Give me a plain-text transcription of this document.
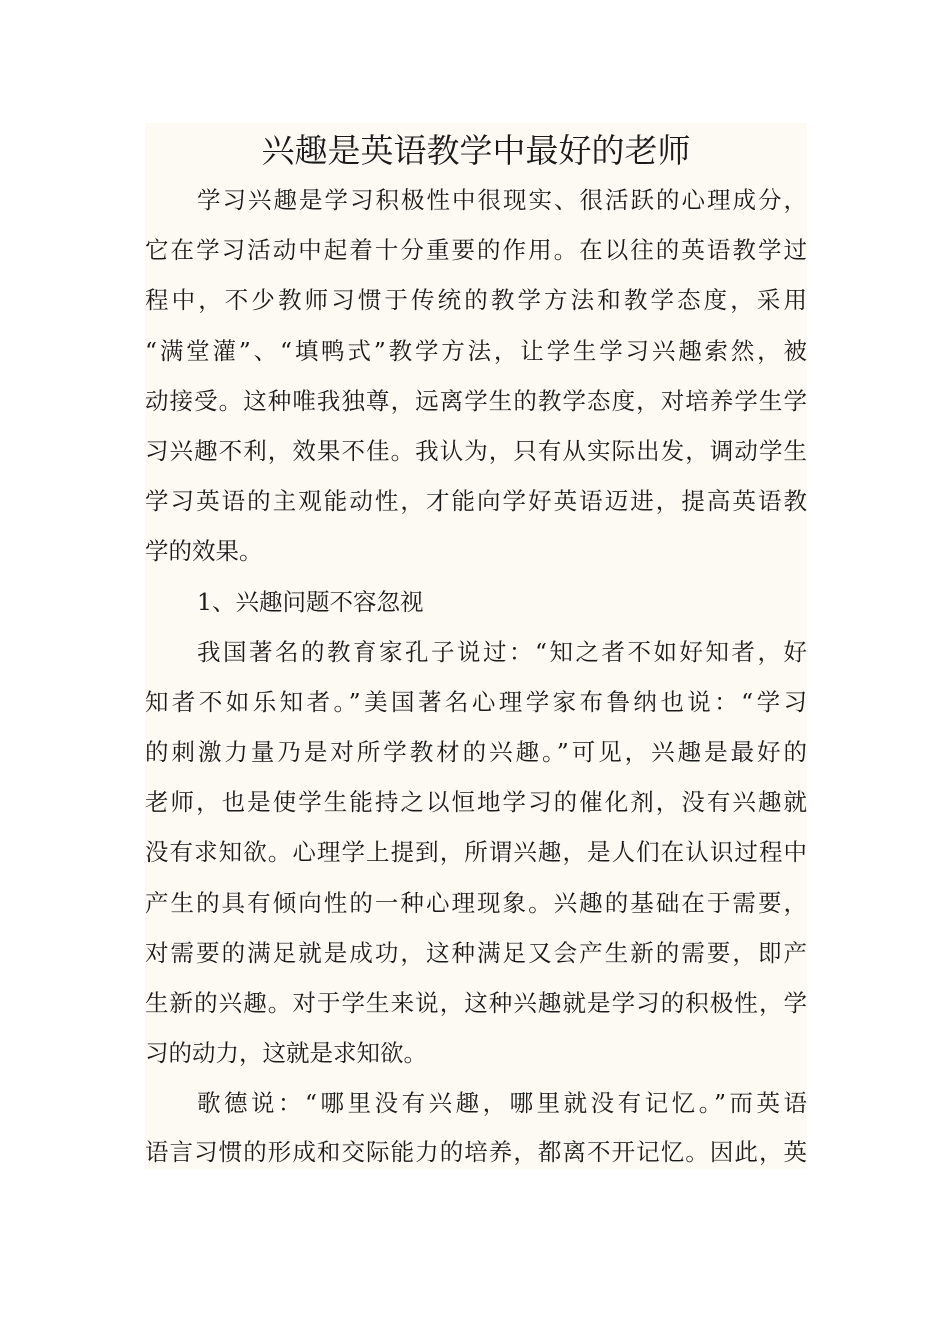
兴趣是英语教学中最好的老师

学习兴趣是学习积极性中很现实、很活跃的心理成分，

它在学习活动中起着十分重要的作用。在以往的英语教学过

程中，不少教师习惯于传统的教学方法和教学态度，采用

“满堂灌”、“填鸭式”教学方法，让学生学习兴趣索然，被

动接受。这种唯我独尊，远离学生的教学态度，对培养学生学

习兴趣不利，效果不佳。我认为，只有从实际出发，调动学生

学习英语的主观能动性，才能向学好英语迈进，提高英语教

学的效果。

1、兴趣问题不容忽视

我国著名的教育家孔子说过：“知之者不如好知者，好

知者不如乐知者。”美国著名心理学家布鲁纳也说：“学习

的刺激力量乃是对所学教材的兴趣。”可见，兴趣是最好的

老师，也是使学生能持之以恒地学习的催化剂，没有兴趣就

没有求知欲。心理学上提到，所谓兴趣，是人们在认识过程中

产生的具有倾向性的一种心理现象。兴趣的基础在于需要，

对需要的满足就是成功，这种满足又会产生新的需要，即产

生新的兴趣。对于学生来说，这种兴趣就是学习的积极性，学

习的动力，这就是求知欲。

歌德说：“哪里没有兴趣，哪里就没有记忆。”而英语

语言习惯的形成和交际能力的培养，都离不开记忆。因此，英
